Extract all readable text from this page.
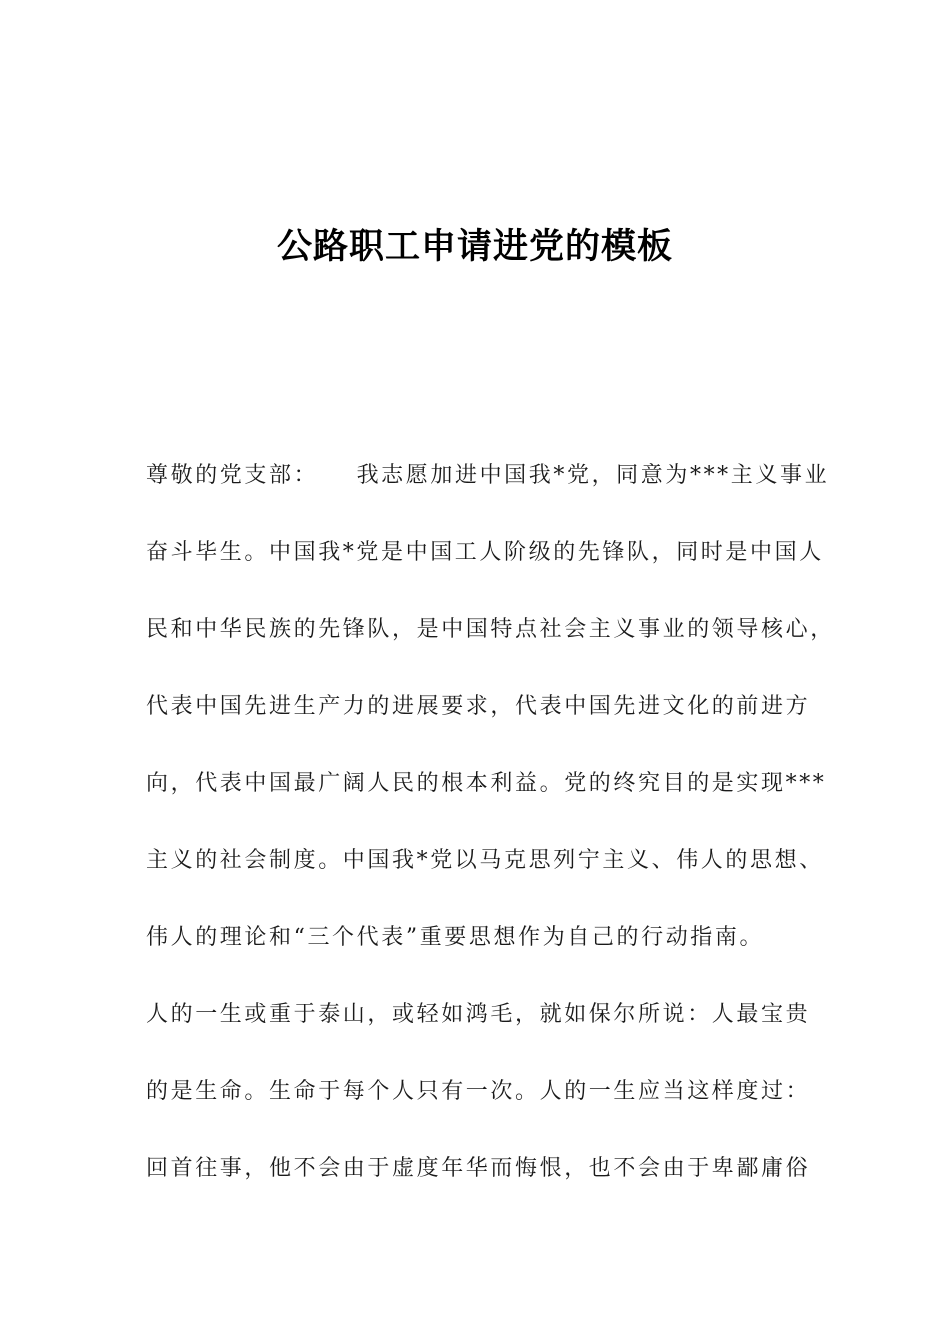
公路职工申请进党的模板
尊敬的党支部：    我志愿加进中国我*党，同意为***主义事业
奋斗毕生。中国我*党是中国工人阶级的先锋队，同时是中国人
民和中华民族的先锋队，是中国特点社会主义事业的领导核心，
代表中国先进生产力的进展要求，代表中国先进文化的前进方
向，代表中国最广阔人民的根本利益。党的终究目的是实现***
主义的社会制度。中国我*党以马克思列宁主义、伟人的思想、
伟人的理论和“三个代表”重要思想作为自己的行动指南。
人的一生或重于泰山，或轻如鸿毛，就如保尔所说：人最宝贵
的是生命。生命于每个人只有一次。人的一生应当这样度过：
回首往事，他不会由于虚度年华而悔恨，也不会由于卑鄙庸俗
